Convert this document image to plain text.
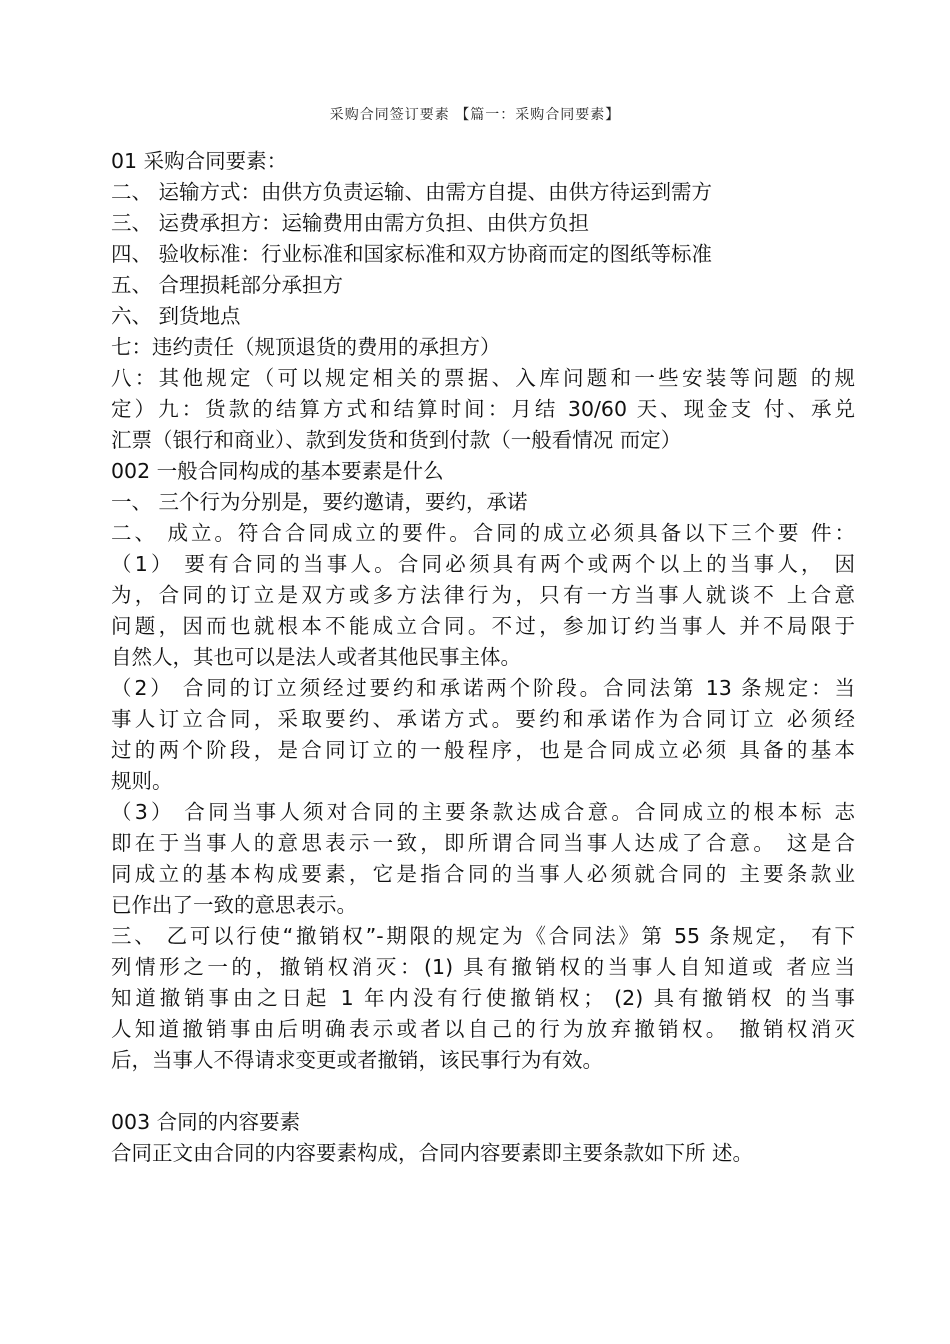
采购合同签订要素 【篇一：采购合同要素】
01 采购合同要素：
二、 运输方式：由供方负责运输、由需方自提、由供方待运到需方
三、 运费承担方：运输费用由需方负担、由供方负担
四、 验收标准：行业标准和国家标准和双方协商而定的图纸等标准
五、 合理损耗部分承担方
六、 到货地点
七：违约责任（规顶退货的费用的承担方）
八：其他规定（可以规定相关的票据、入库问题和一些安装等问题 的规
定）九：货款的结算方式和结算时间：月结 30/60 天、现金支 付、承兑
汇票（银行和商业）、款到发货和货到付款（一般看情况 而定）
002 一般合同构成的基本要素是什么
一、 三个行为分别是，要约邀请，要约，承诺
二、 成立。符合合同成立的要件。合同的成立必须具备以下三个要 件：
（1） 要有合同的当事人。合同必须具有两个或两个以上的当事人， 因
为，合同的订立是双方或多方法律行为，只有一方当事人就谈不 上合意
问题，因而也就根本不能成立合同。不过，参加订约当事人 并不局限于
自然人，其也可以是法人或者其他民事主体。
（2） 合同的订立须经过要约和承诺两个阶段。合同法第 13 条规定：当
事人订立合同，采取要约、承诺方式。要约和承诺作为合同订立 必须经
过的两个阶段，是合同订立的一般程序，也是合同成立必须 具备的基本
规则。
（3） 合同当事人须对合同的主要条款达成合意。合同成立的根本标 志
即在于当事人的意思表示一致，即所谓合同当事人达成了合意。 这是合
同成立的基本构成要素，它是指合同的当事人必须就合同的 主要条款业
已作出了一致的意思表示。
三、 乙可以行使“撤销权”-期限的规定为《合同法》第 55 条规定， 有下
列情形之一的，撤销权消灭：(1) 具有撤销权的当事人自知道或 者应当
知道撤销事由之日起 1 年内没有行使撤销权； (2) 具有撤销权 的当事
人知道撤销事由后明确表示或者以自己的行为放弃撤销权。 撤销权消灭
后，当事人不得请求变更或者撤销，该民事行为有效。
003 合同的内容要素
合同正文由合同的内容要素构成，合同内容要素即主要条款如下所 述。
